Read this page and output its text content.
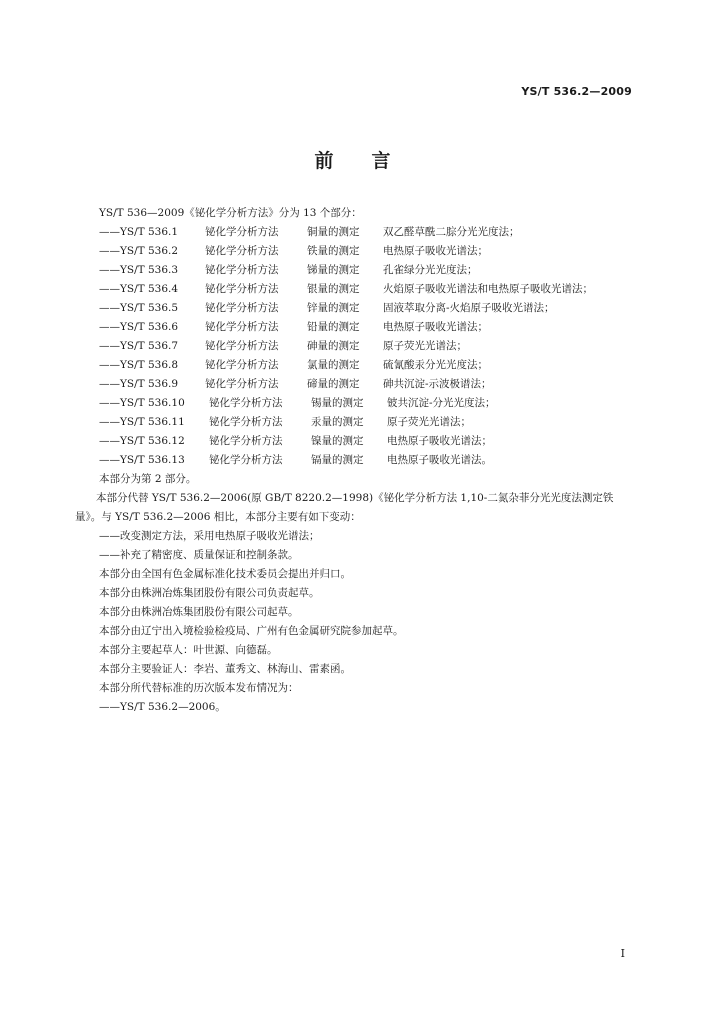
YS/T 536.2—2009
前 言
YS/T 536—2009《铋化学分析方法》分为 13 个部分：
——YS/T 536.1	铋化学分析方法	铜量的测定 双乙醛草酰二腙分光光度法；
——YS/T 536.2	铋化学分析方法	铁量的测定 电热原子吸收光谱法；
——YS/T 536.3	铋化学分析方法	锑量的测定 孔雀绿分光光度法；
——YS/T 536.4	铋化学分析方法	银量的测定 火焰原子吸收光谱法和电热原子吸收光谱法；
——YS/T 536.5	铋化学分析方法	锌量的测定 固液萃取分离-火焰原子吸收光谱法；
——YS/T 536.6	铋化学分析方法	铅量的测定 电热原子吸收光谱法；
——YS/T 536.7	铋化学分析方法	砷量的测定 原子荧光光谱法；
——YS/T 536.8	铋化学分析方法	氯量的测定 硫氰酸汞分光光度法；
——YS/T 536.9	铋化学分析方法	碲量的测定 砷共沉淀-示波极谱法；
——YS/T 536.10 铋化学分析方法	锡量的测定 铍共沉淀-分光光度法；
——YS/T 536.11 铋化学分析方法	汞量的测定 原子荧光光谱法；
——YS/T 536.12 铋化学分析方法	镍量的测定 电热原子吸收光谱法；
——YS/T 536.13 铋化学分析方法	镉量的测定 电热原子吸收光谱法。
本部分为第 2 部分。
本部分代替 YS/T 536.2—2006(原 GB/T 8220.2—1998)《铋化学分析方法 1,10-二氮杂菲分光光度法测定铁量》。与 YS/T 536.2—2006 相比，本部分主要有如下变动：
——改变测定方法，采用电热原子吸收光谱法；
——补充了精密度、质量保证和控制条款。
本部分由全国有色金属标准化技术委员会提出并归口。
本部分由株洲冶炼集团股份有限公司负责起草。
本部分由株洲冶炼集团股份有限公司起草。
本部分由辽宁出入境检验检疫局、广州有色金属研究院参加起草。
本部分主要起草人：叶世源、向德磊。
本部分主要验证人：李岩、董秀文、林海山、雷素函。
本部分所代替标准的历次版本发布情况为：
——YS/T 536.2—2006。
I
